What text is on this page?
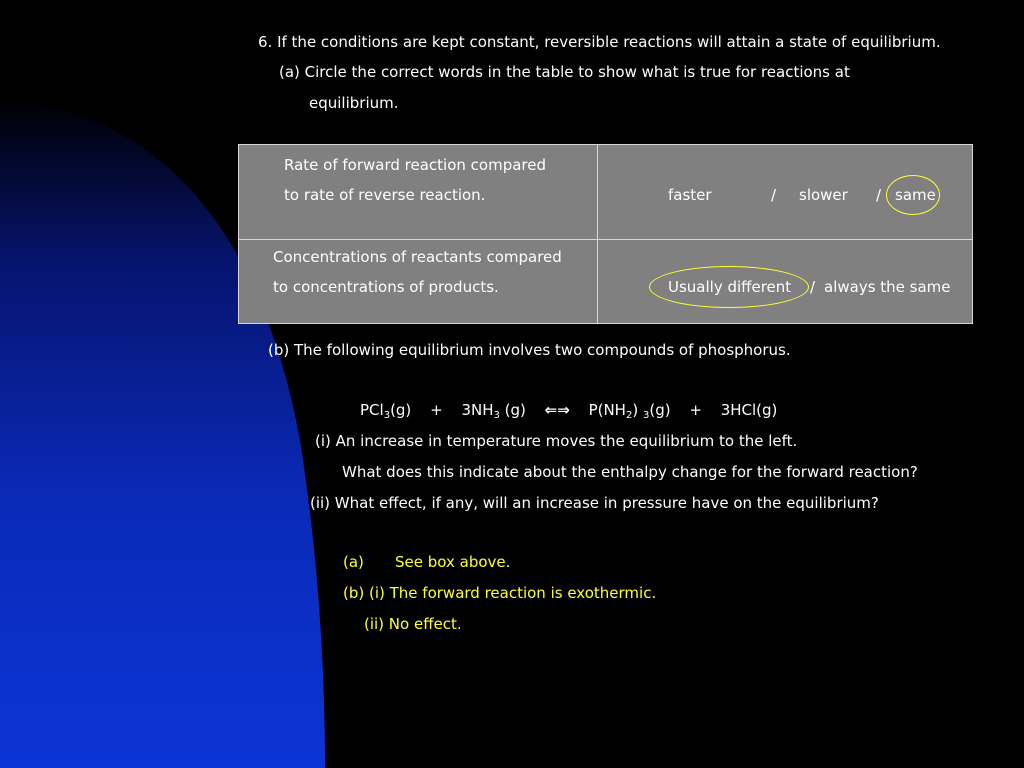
6. If the conditions are kept constant, reversible reactions will attain a state of equilibrium.
(a) Circle the correct words in the table to show what is true for reactions at
equilibrium.
Rate of forward reaction compared
to rate of reverse reaction.	faster	/ slower / same
Concentrations of reactants compared
to concentrations of products.	Usually different / always the same
(b) The following equilibrium involves two compounds of phosphorus.
$PCl_3(g) + 3NH_3$ (g) ⇐⇒ $P(NH_2) _3(g) + 3HCl(g)$
(i) An increase in temperature moves the equilibrium to the left.
What does this indicate about the enthalpy change for the forward reaction?
(ii) What effect, if any, will an increase in pressure have on the equilibrium?
(a) See box above.
(b) (i) The forward reaction is exothermic.
(ii) No effect.
